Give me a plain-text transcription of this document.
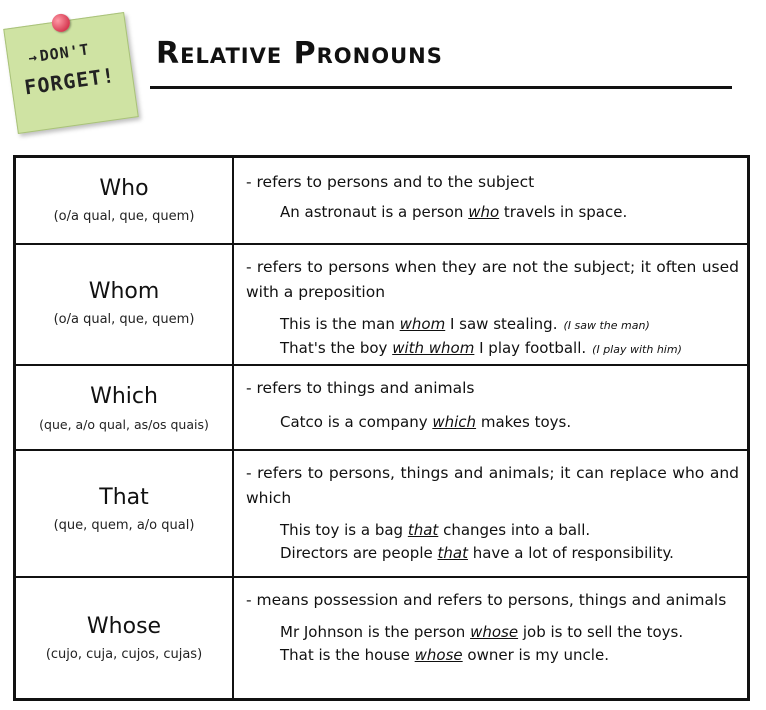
→DON'T
FORGET!
Relative Pronouns
Who
(o/a qual, que, quem)

- refers to persons and to the subject

An astronaut is a person who travels in space.

Whom
(o/a qual, que, quem)

- refers to persons when they are not the subject; it often used with a preposition

This is the man whom I saw stealing. (I saw the man)

That's the boy with whom I play football. (I play with him)

Which
(que, a/o qual, as/os quais)

- refers to things and animals

Catco is a company which makes toys.

That
(que, quem, a/o qual)

- refers to persons, things and animals; it can replace who and which

This toy is a bag that changes into a ball.

Directors are people that have a lot of responsibility.

Whose
(cujo, cuja, cujos, cujas)

- means possession and refers to persons, things and animals

Mr Johnson is the person whose job is to sell the toys.

That is the house whose owner is my uncle.
